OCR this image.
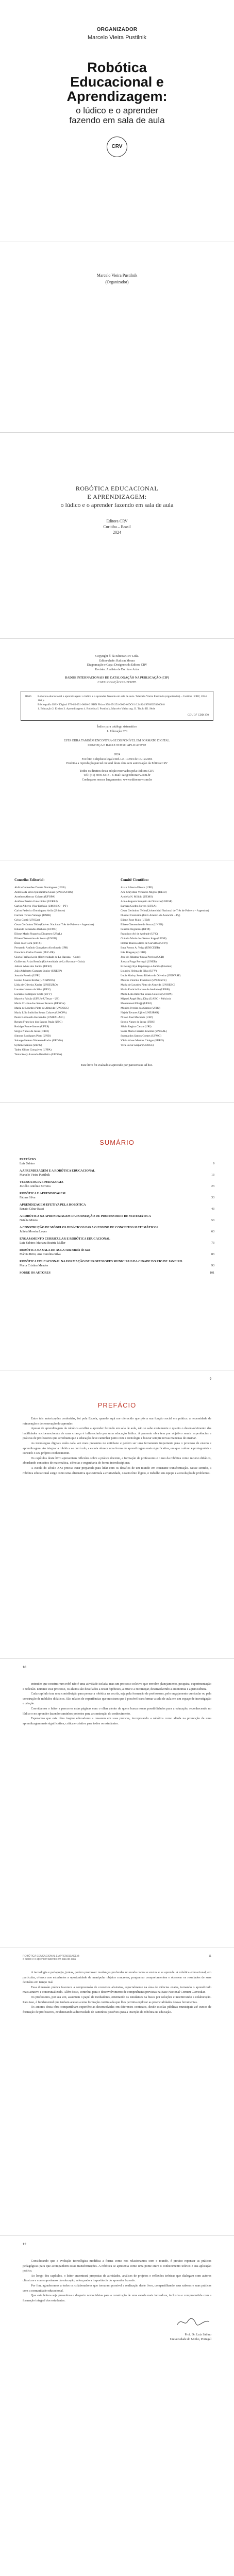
ORGANIZADOR
Marcelo Vieira Pustilnik
Robótica
Educacional e
Aprendizagem:
o lúdico e o aprender
fazendo em sala de aula
CRV
Marcelo Vieira Pustilnik
(Organizador)
ROBÓTICA EDUCACIONAL
E APRENDIZAGEM:
o lúdico e o aprender fazendo em sala de aula
Editora CRV
Curitiba – Brasil
2024
Copyright © da Editora CRV Ltda.
Editor-chefe: Railson Moura
Diagramação e Capa: Designers da Editora CRV
Revisão: Analista de Escrita e Artes
DADOS INTERNACIONAIS DE CATALOGAÇÃO NA PUBLICAÇÃO (CIP)
CATALOGAÇÃO NA FONTE
R666	Robótica educacional e aprendizagem: o lúdico e o aprender fazendo em sala de aula / Marcelo Vieira Pustilnik (organizador) – Curitiba : CRV, 2024. 100 p.
Bibliografia ISBN Digital 978-65-251-0000-0 ISBN Físico 978-65-251-0000-0 DOI 10.24824/978652510000.0
1. Educação 2. Ensino 3. Aprendizagem 4. Robótica I. Pustilnik, Marcelo Vieira org. II. Título III. Série
CDU 37 CDD 370
Índice para catálogo sistemático
1. Educação 370
ESTA OBRA TAMBÉM ENCONTRA-SE DISPONÍVEL EM FORMATO DIGITAL.
CONHEÇA E BAIXE NOSSO APLICATIVO!
2024
Foi feito o depósito legal conf. Lei 10.994 de 14/12/2004
Proibida a reprodução parcial ou total desta obra sem autorização da Editora CRV
Todos os direitos desta edição reservados pela: Editora CRV
Tel.: (41) 3039-6418 - E-mail: sac@editoracrv.com.br
Conheça os nossos lançamentos: www.editoracrv.com.br
Conselho Editorial:
Aldira Guimarães Duarte Domínguez (UNB)
Andréia da Silva Quintanilha Sousa (UNIR/UFRN)
Anselmo Alencar Colares (UFOPA)
Antônio Pereira Gaio Júnior (UFRRJ)
Carlos Alberto Vilar Estêvão (UMINHO – PT)
Carlos Federico Dominguez Avila (Unieuro)
Carmen Tereza Velanga (UNIR)
Celso Conti (UFSCar)
Cesar Gerónimo Tello (Univer. Nacional Três de Febrero – Argentina)
Eduardo Fernandes Barbosa (UFMG)
Elione Maria Nogueira Diogenes (UFAL)
Elizeu Clementino de Souza (UNEB)
Élsio José Corá (UFFS)
Fernando Antônio Gonçalves Alcoforado (IPB)
Francisco Carlos Duarte (PUC-PR)
Gloria Fariñas León (Universidade de La Havana – Cuba)
Guillermo Arias Beatón (Universidade de La Havana – Cuba)
Jailson Alves dos Santos (UFRJ)
João Adalberto Campato Junior (UNESP)
Josania Portela (UFPI)
Leonel Severo Rocha (UNISINOS)
Lídia de Oliveira Xavier (UNIEURO)
Lourdes Helena da Silva (UFV)
Luciano Rodrigues Costa (UFV)
Marcelo Paixão (UFRJ e UTexas – US)
Maria Cristina dos Santos Bezerra (UFSCar)
Maria de Lourdes Pinto de Almeida (UNOESC)
Maria Lília Imbiriba Sousa Colares (UNOPA)
Paulo Romualdo Hernandes (UNIFAL-MG)
Renato Francisco dos Santos Paula (UFG)
Rodrigo Pratte-Santos (UFES)
Sérgio Nunes de Jesus (IFRO)
Simone Rodrigues Pinto (UNB)
Solange Helena Ximenes-Rocha (UFOPA)
Sydione Santos (UEPG)
Tadeu Oliver Gonçalves (UFPA)
Tania Suely Azevedo Brasileiro (UFOPA)
Comitê Científico:
Altair Alberto Fávero (UPF)
Ana Chrystina Venancio Mignot (UERJ)
Andréia N. Militão (UEMS)
Anna Augusta Sampaio de Oliveira (UNESP)
Barbara Coelho Neves (UFBA)
Cesar Gerónimo Tello (Universidad Nacional de Três de Febrero – Argentina)
Diosnel Centurion (Univ Americ. de Asunción – Py)
Eliane Rose Maio (UEM)
Elizeu Clementino de Souza (UNEB)
Fauston Negreiros (UFPI)
Francisco Ari de Andrade (UFC)
Gláucia Maria dos Santos Jorge (UFOP)
Helder Buenos Aires de Carvalho (UFPI)
Ilma Passos A. Veiga (UNICEUB)
Inês Bragança (UERJ)
José de Ribamar Sousa Pereira (UCB)
Jussara Fraga Portugal (UNEB)
Kilwangy Kya Kapitango-a-Samba (Unemat)
Lourdes Helena da Silva (UFV)
Lucia Marisy Souza Ribeiro de Oliveira (UNIVASF)
Marcos Vinicius Francisco (UNOESTE)
Maria de Lourdes Pinto de Almeida (UNOESC)
Maria Eurácia Barreto de Andrade (UFRB)
Maria Lília Imbiriba Sousa Colares (UFOPA)
Míguel Ángel Ruiz Díaz (UABC – México)
Mohammed Elhajji (UFRJ)
Mônica Pereira dos Santos (UFRJ)
Najela Tavares Ujiie (UNESPAR)
Nilson José Machado (USP)
Sérgio Nunes de Jesus (IFRO)
Silvia Regina Canan (URI)
Sonia Maria Ferreira Koehler (UNISAL)
Suzana dos Santos Gomes (UFMG)
Vânia Alves Martins Chaigar (FURG)
Vera Lucia Gaspar (UDESC)
Este livro foi avaliado e aprovado por pareceristas ad hoc.
SUMÁRIO
PREFÁCIO
Luiz Sabino	9
A APRENDIZAGEM E A ROBÓTICA EDUCACIONAL
Marcelo Vieira Pustilnik	13
TECNOLOGIA E PEDAGOGIA
Jociélio Antônio Ferreira	23
ROBÓTICA E APRENDIZAGEM
Fátima Silva	33
APRENDIZAGEM EFETIVA PELA ROBÓTICA
Renato Cézar Bassi	43
A ROBÓTICA NA APRENDIZAGEM DA FORMAÇÃO DE PROFESSORES DE MATEMÁTICA
Natália Moura	53
A CONSTRUÇÃO DE MÓDULOS DIDÁTICOS PARA O ENSINO DE CONCEITOS MATEMÁTICOS
Julieta Moreira Lopes	63
ENGAJAMENTO CURRICULAR E ROBÓTICA EDUCACIONAL
Luiz Sabino; Mariana Beatriz Muller	73
ROBÓTICA NA SALA DE AULA: um estudo de caso
Márcia Brito; Ana Carolina Silva	83
ROBÓTICA EDUCACIONAL NA FORMAÇÃO DE PROFESSORES MUNICIPAIS DA CIDADE DO RIO DE JANEIRO
Marta Cristina Mendes	93
SOBRE OS AUTORES	101
9
PREFÁCIO

Entre tais autorizações conferidas, foi pela Escola, quando aqui me oferecido que pôs a sua função social em prática: a necessidade de reinvenção e de renovação do aprender.

Apesar de aprendizagem da robótica auxiliar a aprender fazendo em sala de aula, não se sabe exatamente o quanto o desenvolvimento das habilidades socioemocionais de uma criança é influenciado por uma educação lúdica. A presente obra tem por objetivo reunir experiências e práticas de professores que acreditam que a educação deve caminhar junto com a tecnologia e buscar sempre novas maneiras de ensinar.

As tecnologias digitais estão cada vez mais presentes no cotidiano e podem ser uma ferramenta importante para o processo de ensino e aprendizagem. Ao integrar a robótica ao currículo, a escola oferece uma forma de aprendizagem mais significativa, em que o aluno é protagonista e constrói o seu próprio conhecimento.

Os capítulos deste livro apresentam reflexões sobre a prática docente, a formação de professores e o uso da robótica como recurso didático, abordando conceitos de matemática, ciências e engenharia de forma interdisciplinar.

A escola do século XXI precisa estar preparada para lidar com os desafios de um mundo em constante transformação. Nesse sentido, a robótica educacional surge como uma alternativa que estimula a criatividade, o raciocínio lógico, o trabalho em equipe e a resolução de problemas.

10

entender que construir um robô não é uma atividade isolada, mas um processo coletivo que envolve planejamento, pesquisa, experimentação e reflexão. Durante esse processo, os alunos são desafiados a testar hipóteses, a errar e a recomeçar, desenvolvendo a autonomia e a persistência.

Cada capítulo traz uma contribuição para pensar a robótica na escola, seja pela formação de professores, pelo engajamento curricular ou pela construção de módulos didáticos. São relatos de experiências que mostram que é possível transformar a sala de aula em um espaço de investigação e criação.

Convidamos o leitor a percorrer estas páginas com o olhar atento de quem busca novas possibilidades para a educação, reconhecendo no lúdico e no aprender fazendo caminhos potentes para a construção do conhecimento.

Esperamos que esta obra inspire educadores a ousarem em suas práticas, incorporando a robótica como aliada na promoção de uma aprendizagem mais significativa, crítica e criativa para todos os estudantes.

ROBÓTICA EDUCACIONAL E APRENDIZAGEM:
o lúdico e o aprender fazendo em sala de aula
11

A tecnologia e pedagogia, juntas, podem promover mudanças profundas no modo como se ensina e se aprende. A robótica educacional, em particular, oferece aos estudantes a oportunidade de manipular objetos concretos, programar comportamentos e observar os resultados de suas decisões em tempo real.

Essa dimensão prática favorece a compreensão de conceitos abstratos, especialmente na área de ciências exatas, tornando o aprendizado mais atrativo e contextualizado. Além disso, contribui para o desenvolvimento de competências previstas na Base Nacional Comum Curricular.

Os professores, por sua vez, assumem o papel de mediadores, orientando os estudantes na busca por soluções e incentivando a colaboração. Para isso, é fundamental que tenham acesso a uma formação continuada que lhes permita explorar as potencialidades dessas ferramentas.

Os autores desta obra compartilham experiências desenvolvidas em diferentes contextos, desde escolas públicas municipais até cursos de formação de professores, evidenciando a diversidade de caminhos possíveis para a inserção da robótica na educação.

12

Considerando que a evolução tecnológica modifica a forma como nos relacionamos com o mundo, é preciso repensar as práticas pedagógicas para que acompanhem essas transformações. A robótica se apresenta como uma ponte entre o conhecimento teórico e sua aplicação prática.

Ao longo dos capítulos, o leitor encontrará propostas de atividades, análises de projetos e reflexões teóricas que dialogam com autores clássicos e contemporâneos da educação, reforçando a importância do aprender fazendo.

Por fim, agradecemos a todos os colaboradores que tornaram possível a realização deste livro, compartilhando seus saberes e suas práticas com a comunidade educacional.

Que esta leitura seja proveitosa e desperte novas ideias para a construção de uma escola mais inovadora, inclusiva e comprometida com a formação integral dos estudantes.

Prof. Dr. Luiz Sabino
Universidade do Minho, Portugal
